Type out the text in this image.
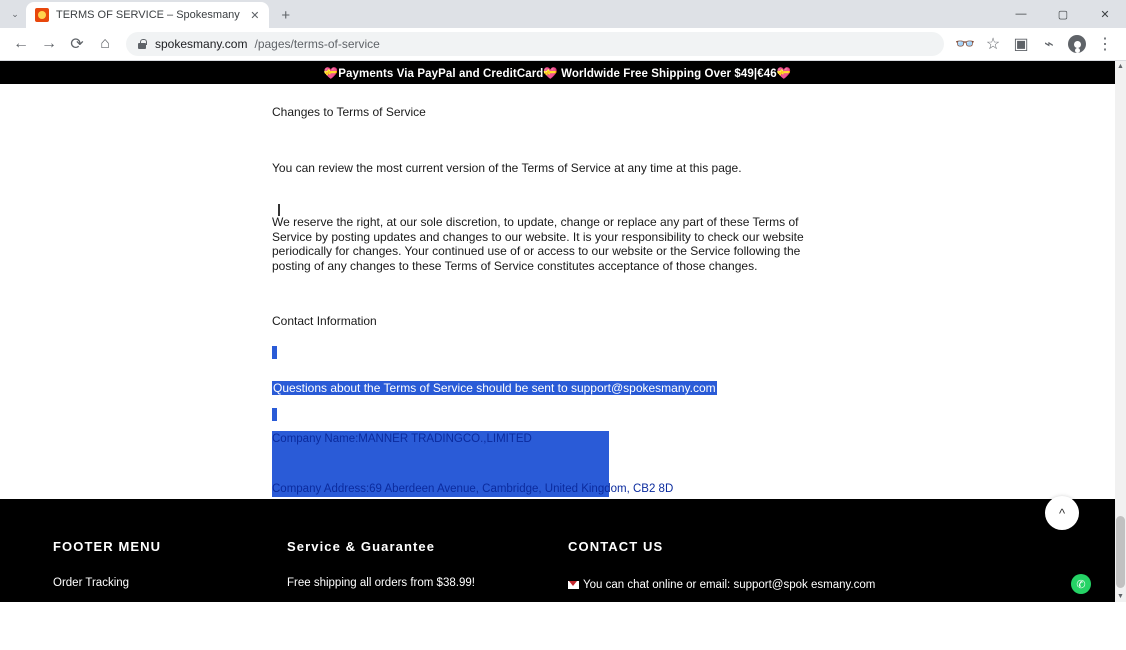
⌄	TERMS OF SERVICE – Spokesmany ✕	+	—	▢	✕
← → ⟳	⌂	spokesmany.com /pages/terms-of-service	👓 ☆ ▣ ⌁	⋮
💝Payments Via PayPal and CreditCard💝 Worldwide Free Shipping Over $49|€46💝
Changes to Terms of Service
You can review the most current version of the Terms of Service at any time at this page.
We reserve the right, at our sole discretion, to update, change or replace any part of these Terms of Service by posting updates and changes to our website. It is your responsibility to check our website periodically for changes. Your continued use of or access to our website or the Service following the posting of any changes to these Terms of Service constitutes acceptance of those changes.
Contact Information
Questions about the Terms of Service should be sent to support@spokesmany.com
Company Name:MANNER TRADINGCO.,LIMITED
Company Address:69 Aberdeen Avenue, Cambridge, United Kingdom, CB2 8D
FOOTER MENU
Order Tracking
FAQ
Service & Guarantee
Free shipping all orders from $38.99!
CONTACT US
You can chat online or email: support@spok esmany.com
SPOKESMANY
^
✆
▲
▼
